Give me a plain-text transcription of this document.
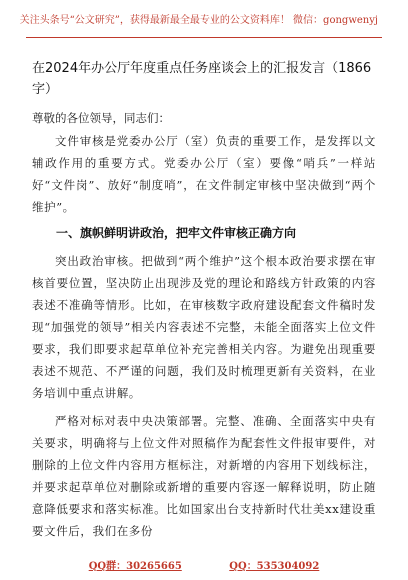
关注头条号“公文研究”，获得最新最全最专业的公文资料库！ 微信：gongwenyj
在2024年办公厅年度重点任务座谈会上的汇报发言（1866字）
尊敬的各位领导，同志们：

文件审核是党委办公厅（室）负责的重要工作，是发挥以文辅政作用的重要方式。党委办公厅（室）要像“哨兵”一样站好“文件岗”、放好“制度哨”，在文件制定审核中坚决做到“两个维护”。

一、旗帜鲜明讲政治，把牢文件审核正确方向

突出政治审核。把做到“两个维护”这个根本政治要求摆在审核首要位置，坚决防止出现涉及党的理论和路线方针政策的内容表述不准确等情形。比如，在审核数字政府建设配套文件稿时发现“加强党的领导”相关内容表述不完整，未能全面落实上位文件要求，我们即要求起草单位补充完善相关内容。为避免出现重要表述不规范、不严谨的问题，我们及时梳理更新有关资料，在业务培训中重点讲解。

严格对标对表中央决策部署。完整、准确、全面落实中央有关要求，明确将与上位文件对照稿作为配套性文件报审要件，对删除的上位文件内容用方框标注，对新增的内容用下划线标注，并要求起草单位对删除或新增的重要内容逐一解释说明，防止随意降低要求和落实标准。比如国家出台支持新时代壮美xx建设重要文件后，我们在多份

QQ群：30265665	QQ：535304092
